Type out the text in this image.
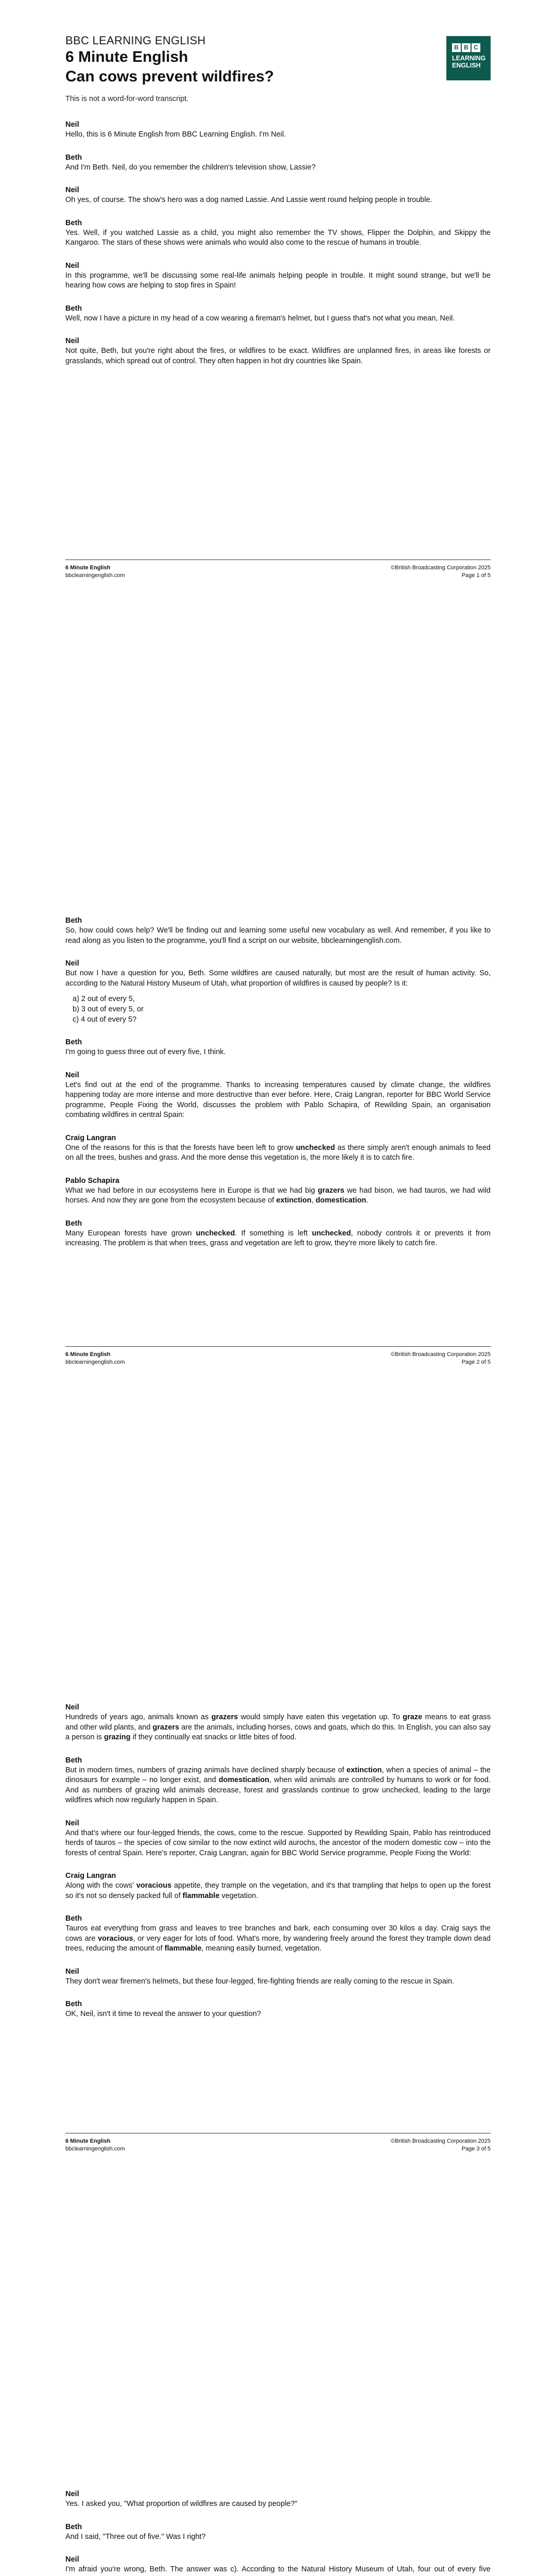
BBC LEARNING ENGLISH
6 Minute English
Can cows prevent wildfires?
This is not a word-for-word transcript.
B B C
LEARNING
ENGLISH
Neil
Hello, this is 6 Minute English from BBC Learning English. I'm Neil.
Beth
And I'm Beth. Neil, do you remember the children's television show, Lassie?
Neil
Oh yes, of course. The show's hero was a dog named Lassie. And Lassie went round helping people in trouble.
Beth
Yes. Well, if you watched Lassie as a child, you might also remember the TV shows, Flipper the Dolphin, and Skippy the Kangaroo. The stars of these shows were animals who would also come to the rescue of humans in trouble.
Neil
In this programme, we'll be discussing some real-life animals helping people in trouble. It might sound strange, but we'll be hearing how cows are helping to stop fires in Spain!
Beth
Well, now I have a picture in my head of a cow wearing a fireman's helmet, but I guess that's not what you mean, Neil.
Neil
Not quite, Beth, but you're right about the fires, or wildfires to be exact. Wildfires are unplanned fires, in areas like forests or grasslands, which spread out of control. They often happen in hot dry countries like Spain.
6 Minute English
bbclearningenglish.com
©British Broadcasting Corporation 2025
Page 1 of 5
Beth
So, how could cows help? We'll be finding out and learning some useful new vocabulary as well. And remember, if you like to read along as you listen to the programme, you'll find a script on our website, bbclearningenglish.com.
Neil
But now I have a question for you, Beth. Some wildfires are caused naturally, but most are the result of human activity. So, according to the Natural History Museum of Utah, what proportion of wildfires is caused by people? Is it:
a) 2 out of every 5,
b) 3 out of every 5, or
c) 4 out of every 5?
Beth
I'm going to guess three out of every five, I think.
Neil
Let's find out at the end of the programme. Thanks to increasing temperatures caused by climate change, the wildfires happening today are more intense and more destructive than ever before. Here, Craig Langran, reporter for BBC World Service programme, People Fixing the World, discusses the problem with Pablo Schapira, of Rewilding Spain, an organisation combating wildfires in central Spain:
Craig Langran
One of the reasons for this is that the forests have been left to grow unchecked as there simply aren't enough animals to feed on all the trees, bushes and grass. And the more dense this vegetation is, the more likely it is to catch fire.
Pablo Schapira
What we had before in our ecosystems here in Europe is that we had big grazers we had bison, we had tauros, we had wild horses. And now they are gone from the ecosystem because of extinction, domestication.
Beth
Many European forests have grown unchecked. If something is left unchecked, nobody controls it or prevents it from increasing. The problem is that when trees, grass and vegetation are left to grow, they're more likely to catch fire.
6 Minute English
bbclearningenglish.com
©British Broadcasting Corporation 2025
Page 2 of 5
Neil
Hundreds of years ago, animals known as grazers would simply have eaten this vegetation up. To graze means to eat grass and other wild plants, and grazers are the animals, including horses, cows and goats, which do this. In English, you can also say a person is grazing if they continually eat snacks or little bites of food.
Beth
But in modern times, numbers of grazing animals have declined sharply because of extinction, when a species of animal – the dinosaurs for example – no longer exist, and domestication, when wild animals are controlled by humans to work or for food. And as numbers of grazing wild animals decrease, forest and grasslands continue to grow unchecked, leading to the large wildfires which now regularly happen in Spain.
Neil
And that's where our four-legged friends, the cows, come to the rescue. Supported by Rewilding Spain, Pablo has reintroduced herds of tauros – the species of cow similar to the now extinct wild aurochs, the ancestor of the modern domestic cow – into the forests of central Spain. Here's reporter, Craig Langran, again for BBC World Service programme, People Fixing the World:
Craig Langran
Along with the cows' voracious appetite, they trample on the vegetation, and it's that trampling that helps to open up the forest so it's not so densely packed full of flammable vegetation.
Beth
Tauros eat everything from grass and leaves to tree branches and bark, each consuming over 30 kilos a day. Craig says the cows are voracious, or very eager for lots of food. What's more, by wandering freely around the forest they trample down dead trees, reducing the amount of flammable, meaning easily burned, vegetation.
Neil
They don't wear firemen's helmets, but these four-legged, fire-fighting friends are really coming to the rescue in Spain.
Beth
OK, Neil, isn't it time to reveal the answer to your question?
6 Minute English
bbclearningenglish.com
©British Broadcasting Corporation 2025
Page 3 of 5
Neil
Yes. I asked you, "What proportion of wildfires are caused by people?"
Beth
And I said, "Three out of five." Was I right?
Neil
I'm afraid you're wrong, Beth. The answer was c). According to the Natural History Museum of Utah, four out of every five
